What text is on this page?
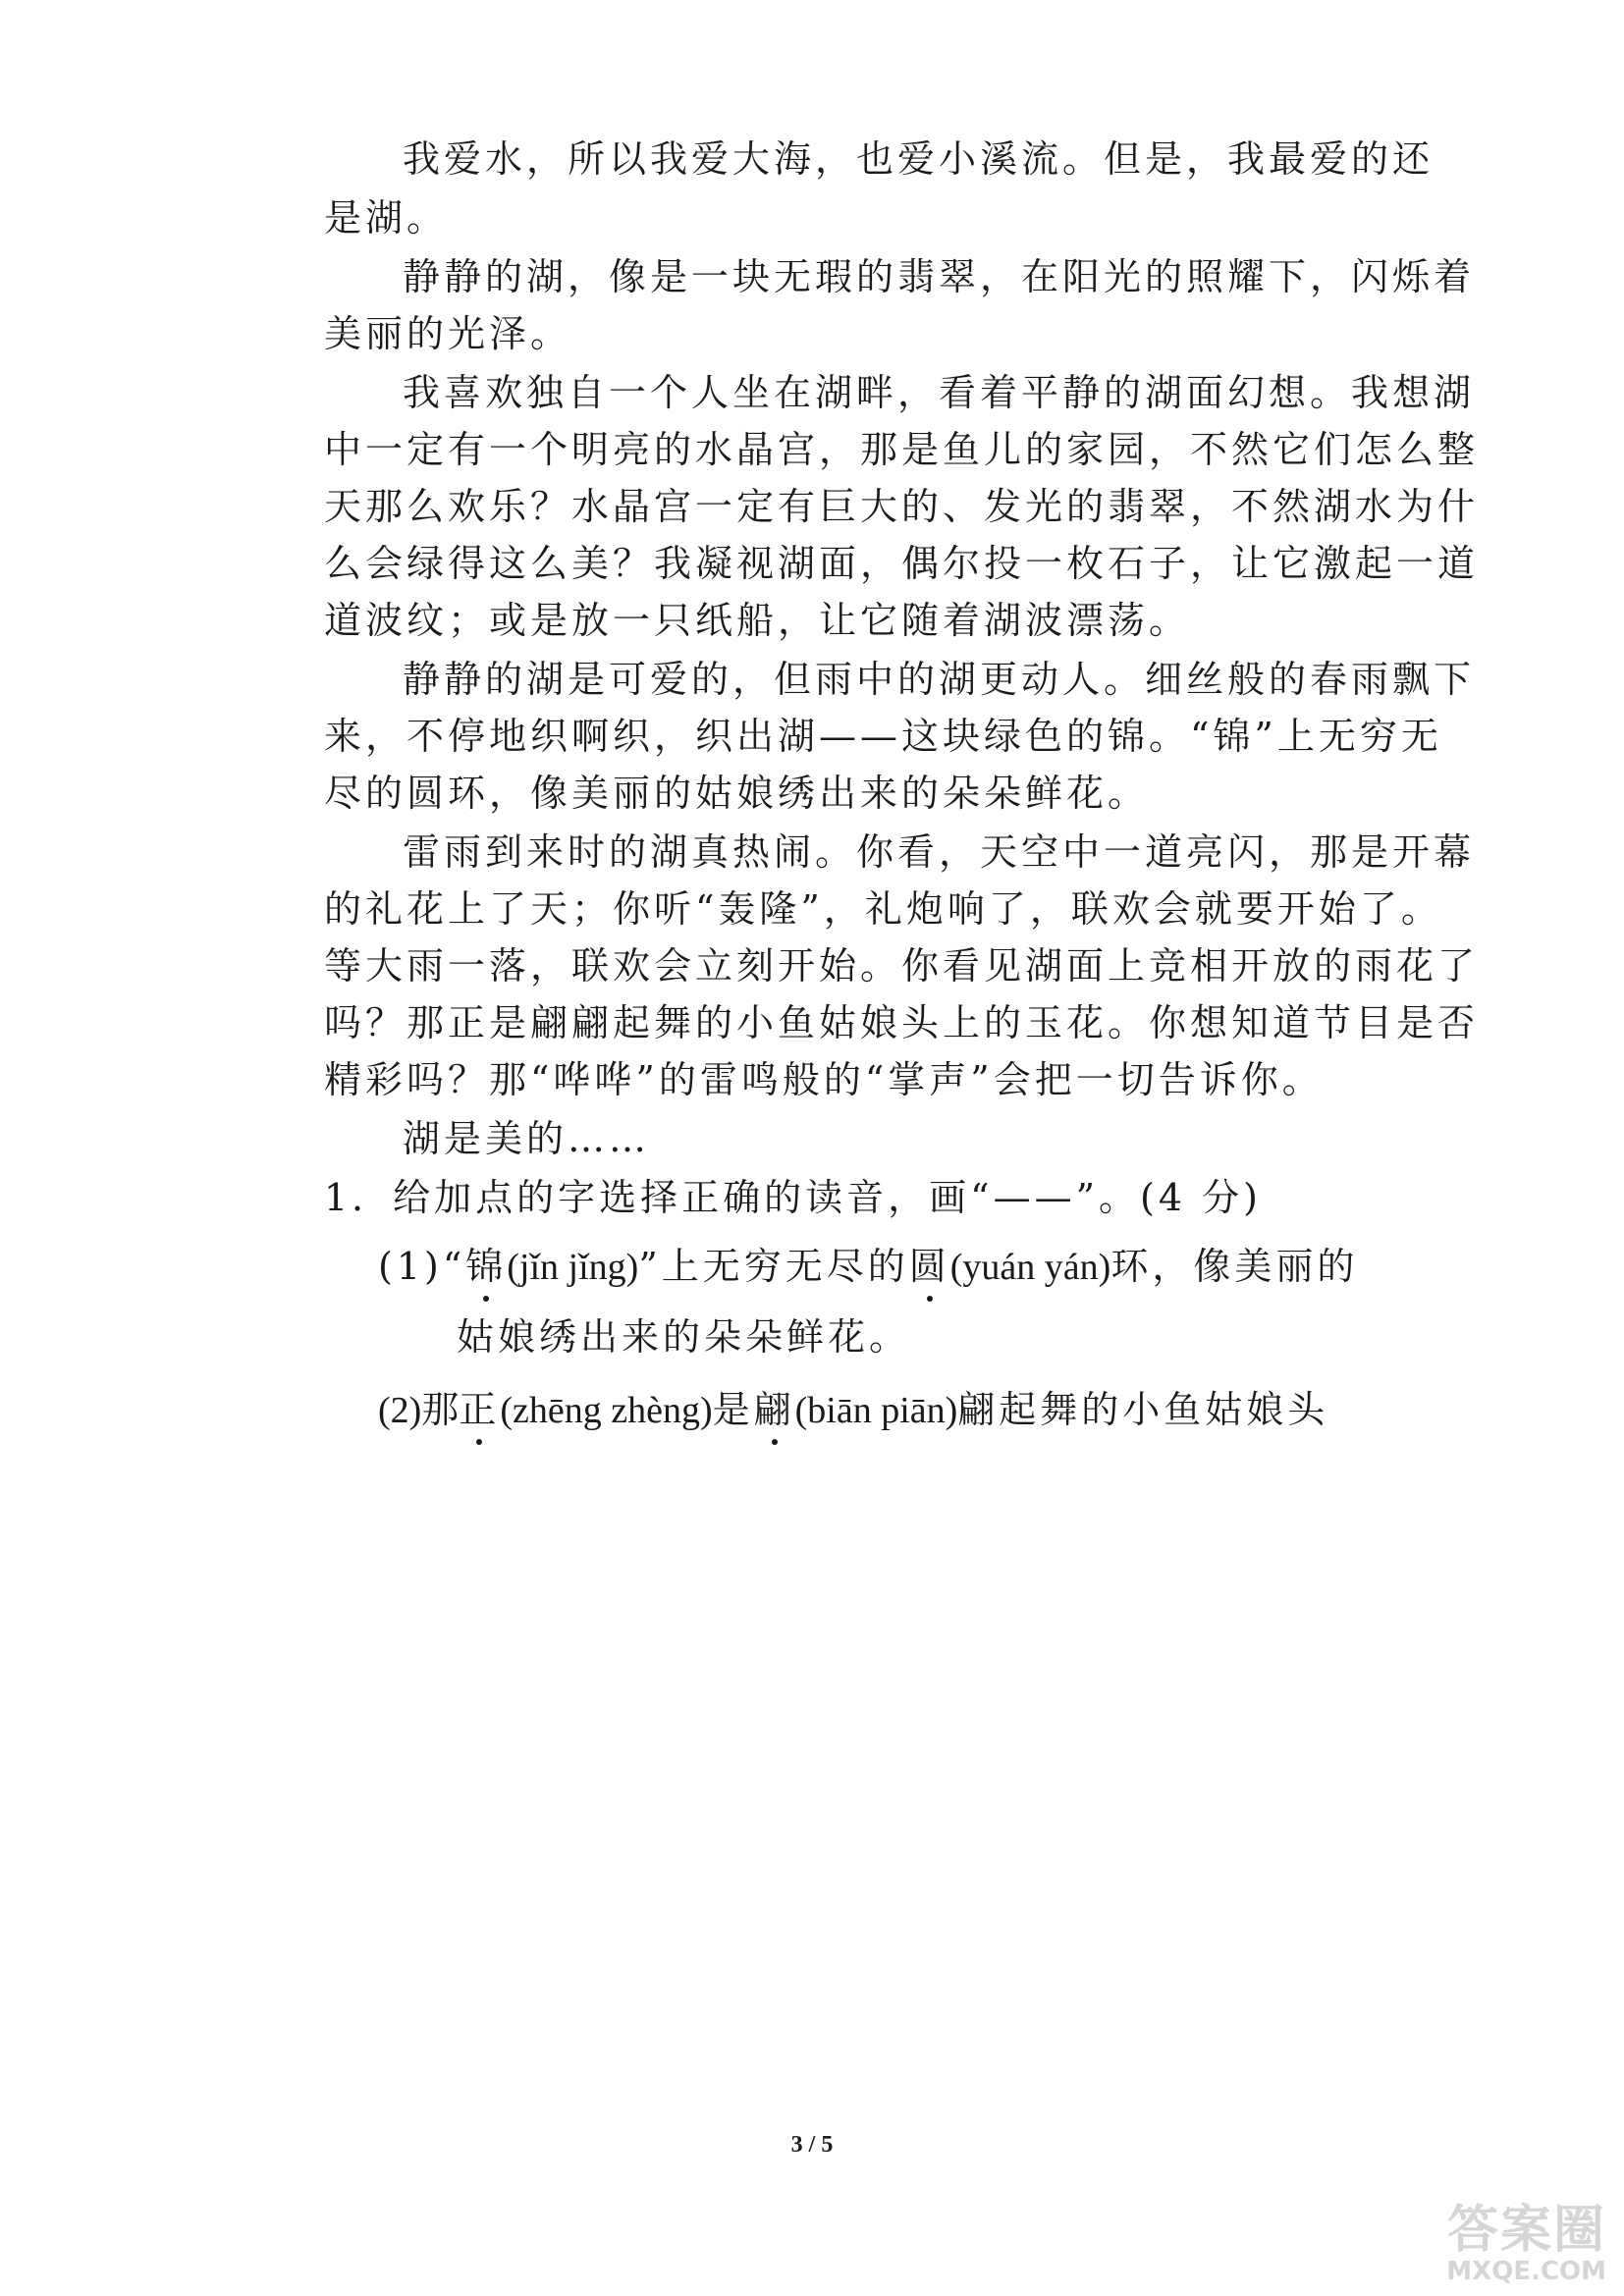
我爱水，所以我爱大海，也爱小溪流。但是，我最爱的还
是湖。
静静的湖，像是一块无瑕的翡翠，在阳光的照耀下，闪烁着
美丽的光泽。
我喜欢独自一个人坐在湖畔，看着平静的湖面幻想。我想湖
中一定有一个明亮的水晶宫，那是鱼儿的家园，不然它们怎么整
天那么欢乐？水晶宫一定有巨大的、发光的翡翠，不然湖水为什
么会绿得这么美？我凝视湖面，偶尔投一枚石子，让它激起一道
道波纹；或是放一只纸船，让它随着湖波漂荡。
静静的湖是可爱的，但雨中的湖更动人。细丝般的春雨飘下
来，不停地织啊织，织出湖——这块绿色的锦。“锦”上无穷无
尽的圆环，像美丽的姑娘绣出来的朵朵鲜花。
雷雨到来时的湖真热闹。你看，天空中一道亮闪，那是开幕
的礼花上了天；你听“轰隆”，礼炮响了，联欢会就要开始了。
等大雨一落，联欢会立刻开始。你看见湖面上竞相开放的雨花了
吗？那正是翩翩起舞的小鱼姑娘头上的玉花。你想知道节目是否
精彩吗？那“哗哗”的雷鸣般的“掌声”会把一切告诉你。
湖是美的……
1．给加点的字选择正确的读音，画“——”。(4 分)
(1)“锦(jǐn jǐng)”上无穷无尽的圆(yuán yán)环，像美丽的
姑娘绣出来的朵朵鲜花。
(2)那正(zhēng zhèng)是翩(biān piān)翩起舞的小鱼姑娘头
3 / 5
答案圈
MXQE.COM
